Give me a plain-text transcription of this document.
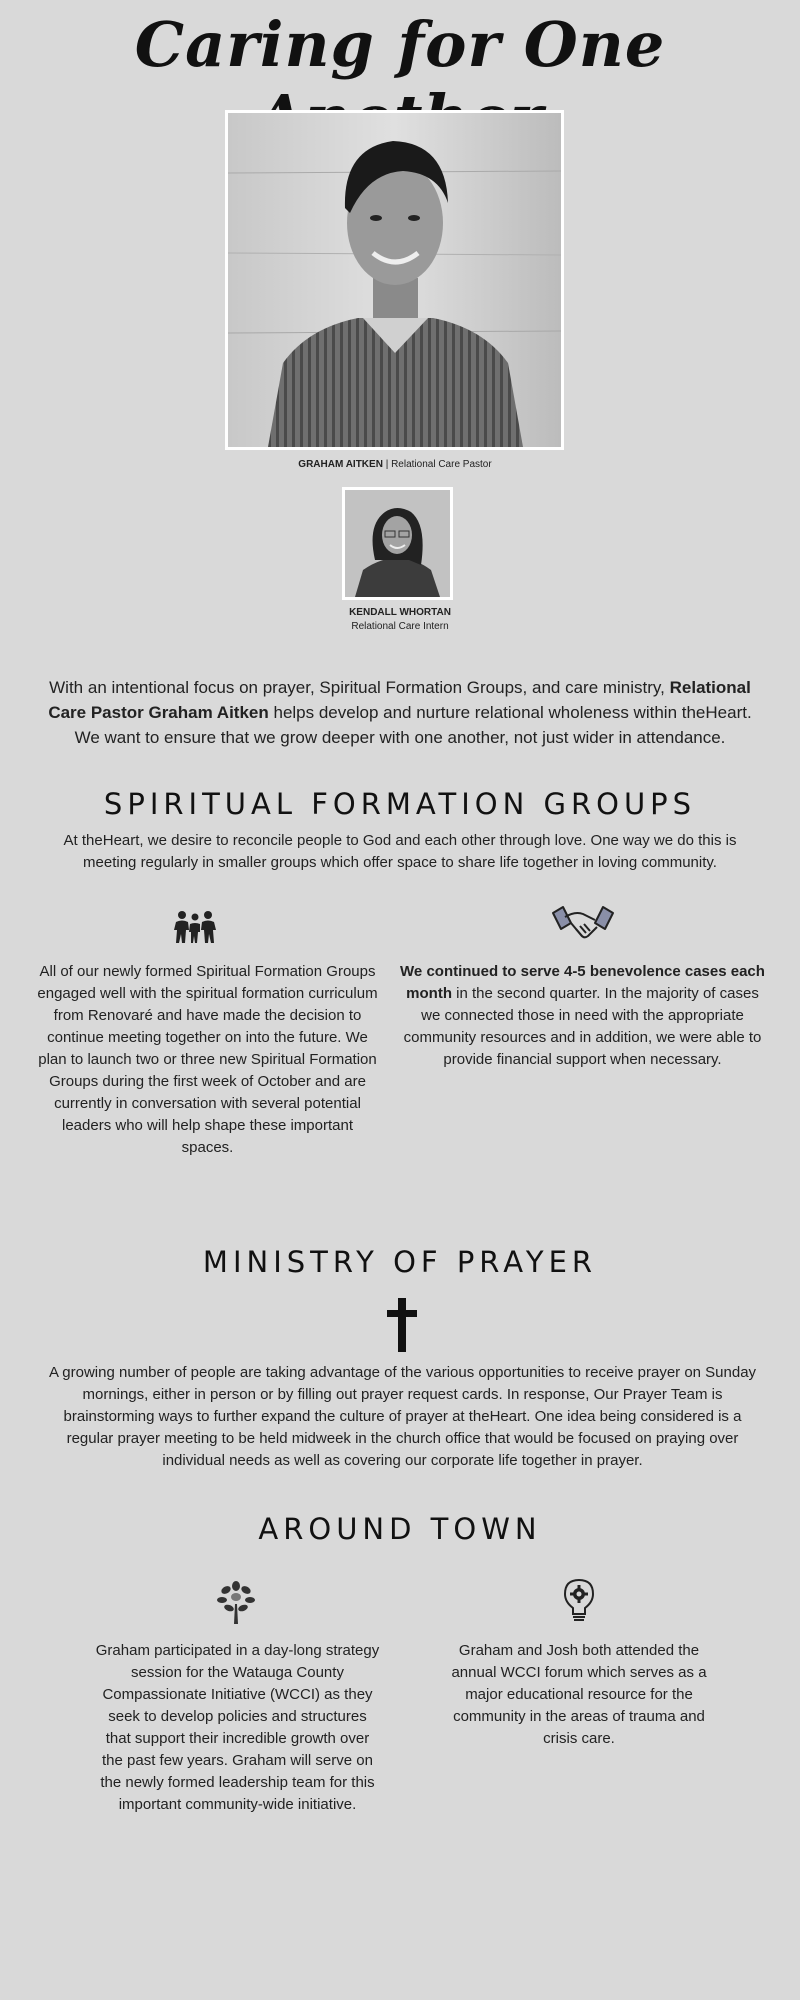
Caring for One
GRAHAM AITKEN | Relational Care Pastor
KENDALL WHORTAN
Relational Care Intern
With an intentional focus on prayer, Spiritual Formation Groups, and care ministry, Relational Care Pastor Graham Aitken helps develop and nurture relational wholeness within theHeart. We want to ensure that we grow deeper with one another, not just wider in attendance.
SPIRITUAL FORMATION GROUPS
At theHeart, we desire to reconcile people to God and each other through love. One way we do this is meeting regularly in smaller groups which offer space to share life together in loving community.
All of our newly formed Spiritual Formation Groups engaged well with the spiritual formation curriculum from Renovaré and have made the decision to continue meeting together on into the future. We plan to launch two or three new Spiritual Formation Groups during the first week of October and are currently in conversation with several potential leaders who will help shape these important spaces.
We continued to serve 4-5 benevolence cases each month in the second quarter. In the majority of cases we connected those in need with the appropriate community resources and in addition, we were able to provide financial support when necessary.
MINISTRY OF PRAYER
A growing number of people are taking advantage of the various opportunities to receive prayer on Sunday mornings, either in person or by filling out prayer request cards. In response, Our Prayer Team is brainstorming ways to further expand the culture of prayer at theHeart. One idea being considered is a regular prayer meeting to be held midweek in the church office that would be focused on praying over individual needs as well as covering our corporate life together in prayer.
AROUND TOWN
Graham participated in a day-long strategy session for the Watauga County Compassionate Initiative (WCCI) as they seek to develop policies and structures that support their incredible growth over the past few years. Graham will serve on the newly formed leadership team for this important community-wide initiative.
Graham and Josh both attended the annual WCCI forum which serves as a major educational resource for the community in the areas of trauma and crisis care.
